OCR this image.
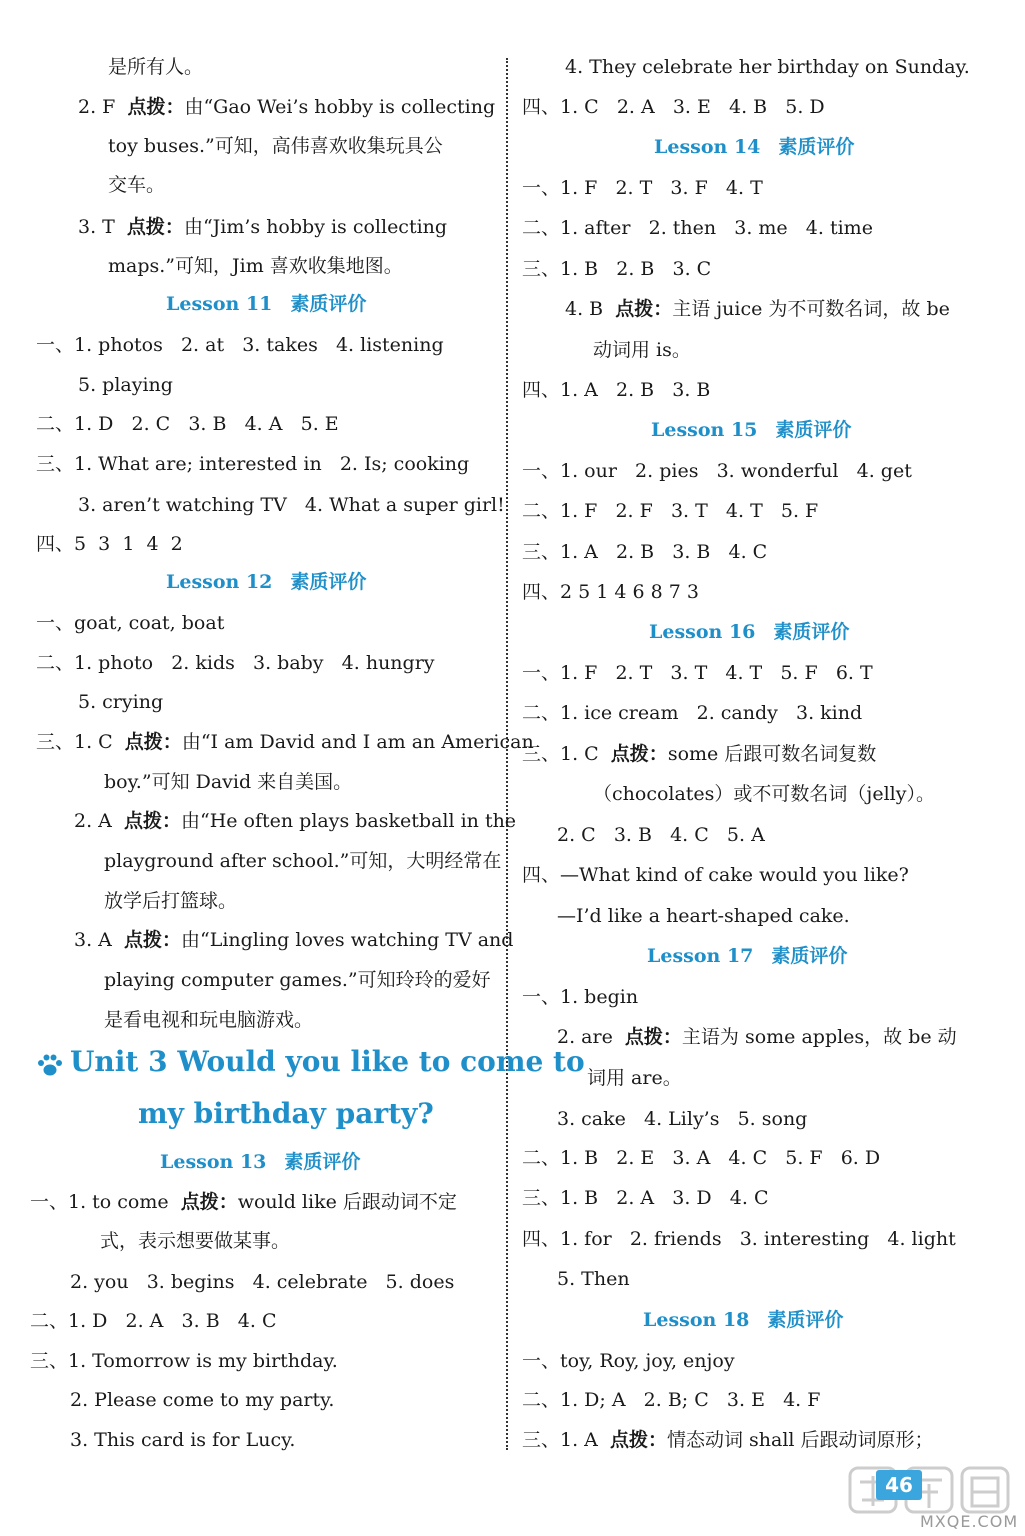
是所有人。
2. F  点拨：由“Gao Wei’s hobby is collecting
toy buses.”可知，高伟喜欢收集玩具公
交车。
3. T  点拨：由“Jim’s hobby is collecting
maps.”可知，Jim 喜欢收集地图。
Lesson 11 素质评价
一、1. photos   2. at   3. takes   4. listening
5. playing
二、1. D   2. C   3. B   4. A   5. E
三、1. What are; interested in   2. Is; cooking
3. aren’t watching TV   4. What a super girl!
四、5  3  1  4  2
Lesson 12 素质评价
一、goat, coat, boat
二、1. photo   2. kids   3. baby   4. hungry
5. crying
三、1. C  点拨：由“I am David and I am an American
boy.”可知 David 来自美国。
2. A  点拨：由“He often plays basketball in the
playground after school.”可知，大明经常在
放学后打篮球。
3. A  点拨：由“Lingling loves watching TV and
playing computer games.”可知玲玲的爱好
是看电视和玩电脑游戏。
Lesson 13 素质评价
一、1. to come  点拨：would like 后跟动词不定
式，表示想要做某事。
2. you   3. begins   4. celebrate   5. does
二、1. D   2. A   3. B   4. C
三、1. Tomorrow is my birthday.
2. Please come to my party.
3. This card is for Lucy.
4. They celebrate her birthday on Sunday.
四、1. C   2. A   3. E   4. B   5. D
Lesson 14 素质评价
一、1. F   2. T   3. F   4. T
二、1. after   2. then   3. me   4. time
三、1. B   2. B   3. C
4. B  点拨：主语 juice 为不可数名词，故 be
动词用 is。
四、1. A   2. B   3. B
Lesson 15 素质评价
一、1. our   2. pies   3. wonderful   4. get
二、1. F   2. F   3. T   4. T   5. F
三、1. A   2. B   3. B   4. C
四、2 5 1 4 6 8 7 3
Lesson 16 素质评价
一、1. F   2. T   3. T   4. T   5. F   6. T
二、1. ice cream   2. candy   3. kind
三、1. C  点拨：some 后跟可数名词复数
（chocolates）或不可数名词（jelly）。
2. C   3. B   4. C   5. A
四、—What kind of cake would you like?
—I’d like a heart-shaped cake.
Lesson 17 素质评价
一、1. begin
2. are  点拨：主语为 some apples，故 be 动
词用 are。
3. cake   4. Lily’s   5. song
二、1. B   2. E   3. A   4. C   5. F   6. D
三、1. B   2. A   3. D   4. C
四、1. for   2. friends   3. interesting   4. light
5. Then
Lesson 18 素质评价
一、toy, Roy, joy, enjoy
二、1. D; A   2. B; C   3. E   4. F
三、1. A  点拨：情态动词 shall 后跟动词原形；
Unit 3 Would you like to come to
my birthday party?
46
MXQE.COM
